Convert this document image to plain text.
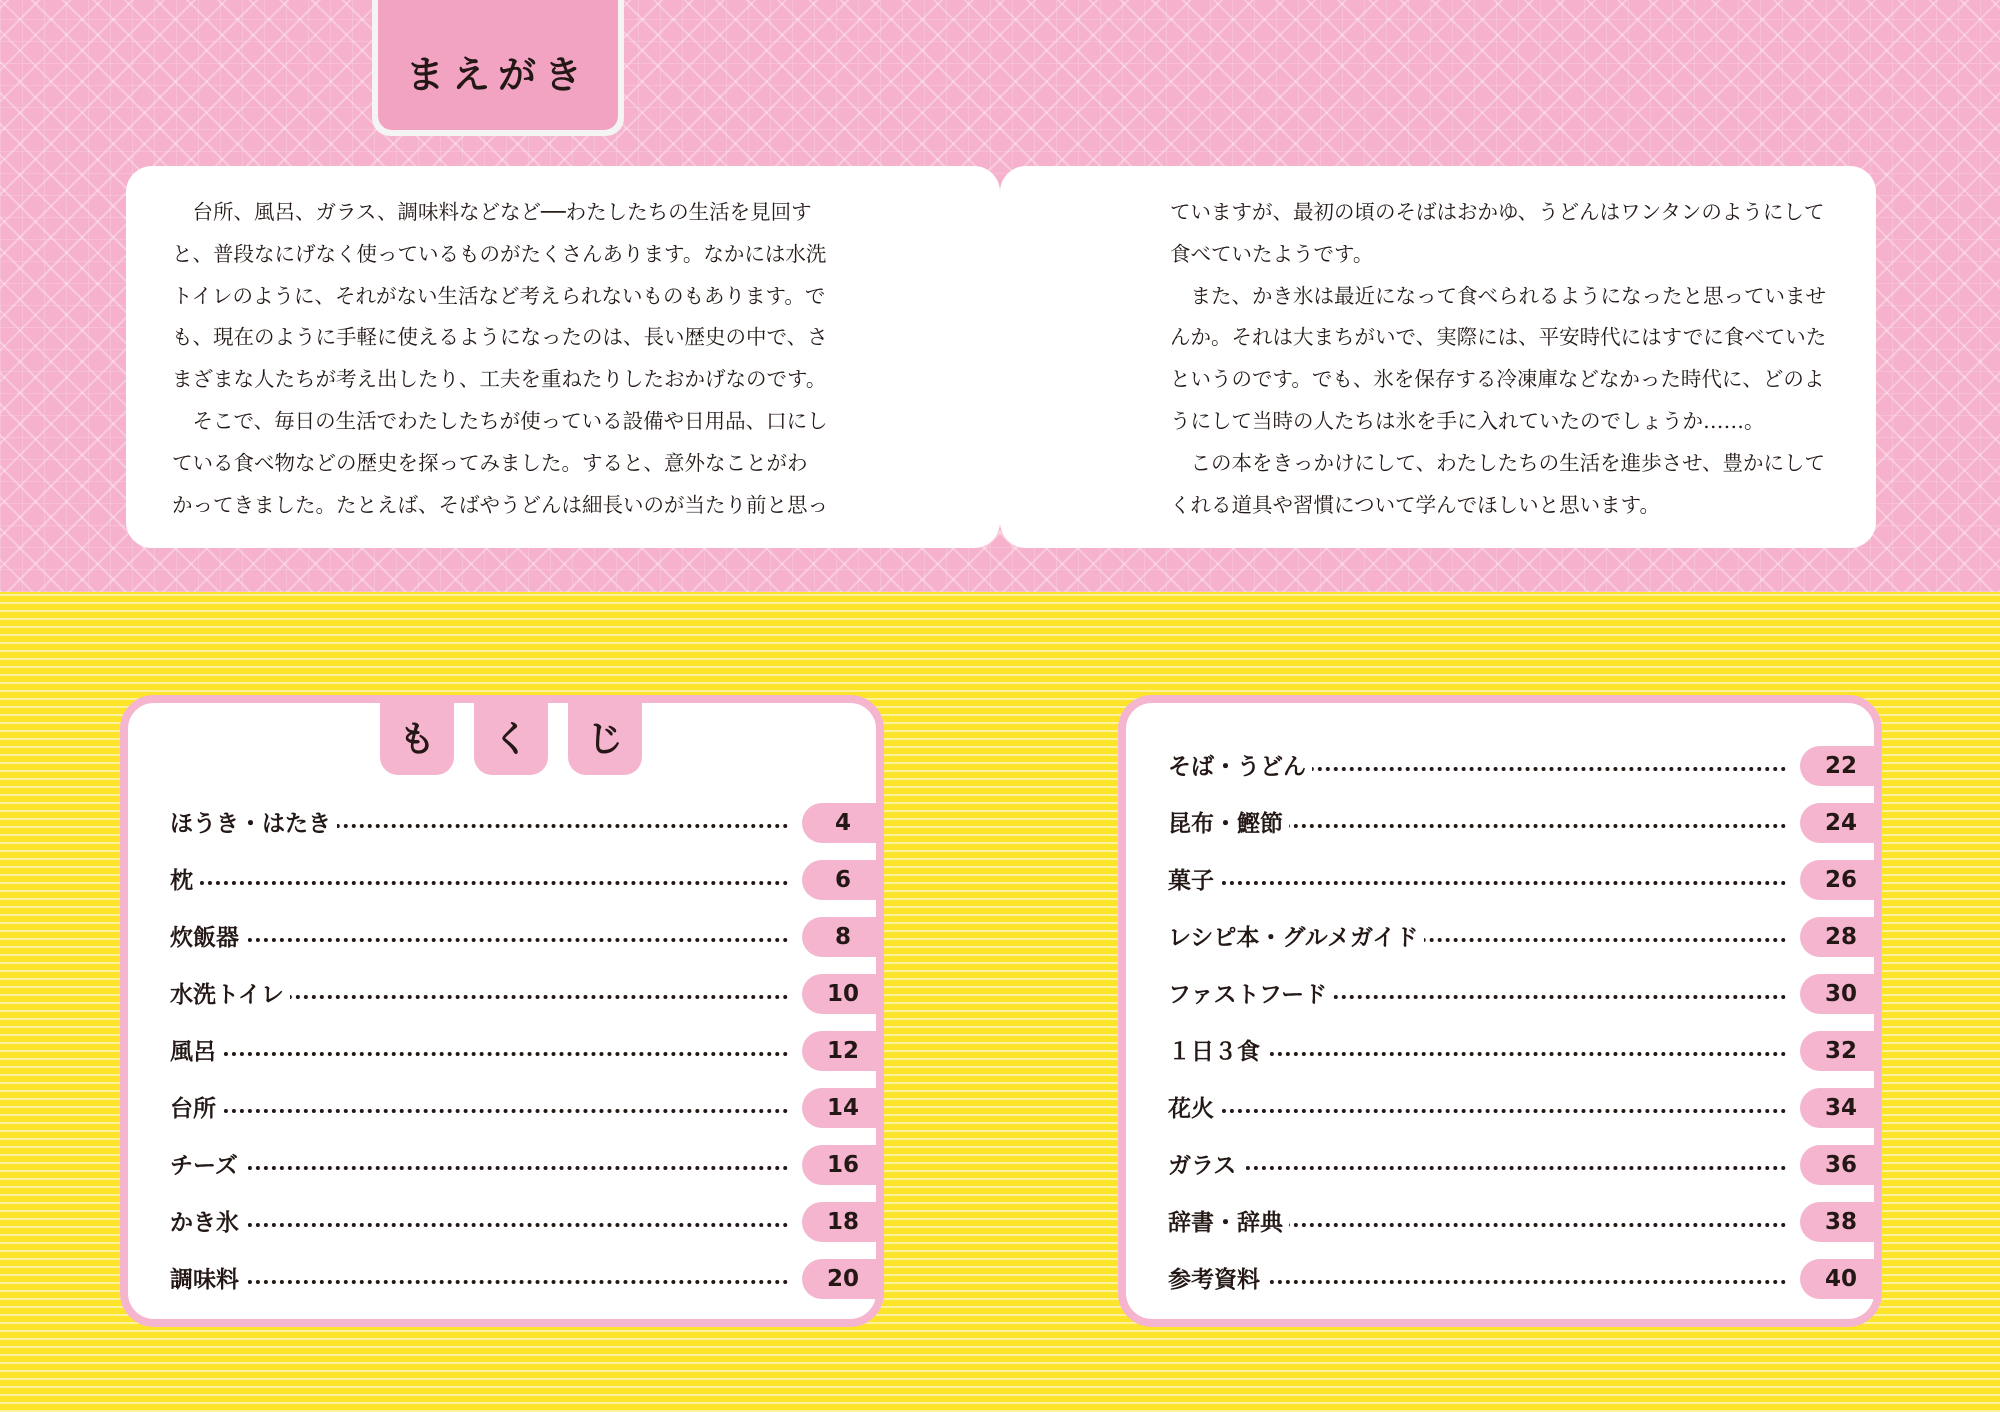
まえがき

　台所、風呂、ガラス、調味料などなど──わたしたちの生活を見回す

と、普段なにげなく使っているものがたくさんあります。なかには水洗

トイレのように、それがない生活など考えられないものもあります。で

も、現在のように手軽に使えるようになったのは、長い歴史の中で、さ

まざまな人たちが考え出したり、工夫を重ねたりしたおかげなのです。

　そこで、毎日の生活でわたしたちが使っている設備や日用品、口にし

ている食べ物などの歴史を探ってみました。すると、意外なことがわ

かってきました。たとえば、そばやうどんは細長いのが当たり前と思っ

ていますが、最初の頃のそばはおかゆ、うどんはワンタンのようにして

食べていたようです。

　また、かき氷は最近になって食べられるようになったと思っていませ

んか。それは大まちがいで、実際には、平安時代にはすでに食べていた

というのです。でも、氷を保存する冷凍庫などなかった時代に、どのよ

うにして当時の人たちは氷を手に入れていたのでしょうか……。

　この本をきっかけにして、わたしたちの生活を進歩させ、豊かにして

くれる道具や習慣について学んでほしいと思います。

も	く	じ
ほうき・はたき	4
枕	6
炊飯器	8
水洗トイレ	10
風呂	12
台所	14
チーズ	16
かき氷	18
調味料	20
そば・うどん	22
昆布・鰹節	24
菓子	26
レシピ本・グルメガイド	28
ファストフード	30
１日３食	32
花火	34
ガラス	36
辞書・辞典	38
参考資料	40
